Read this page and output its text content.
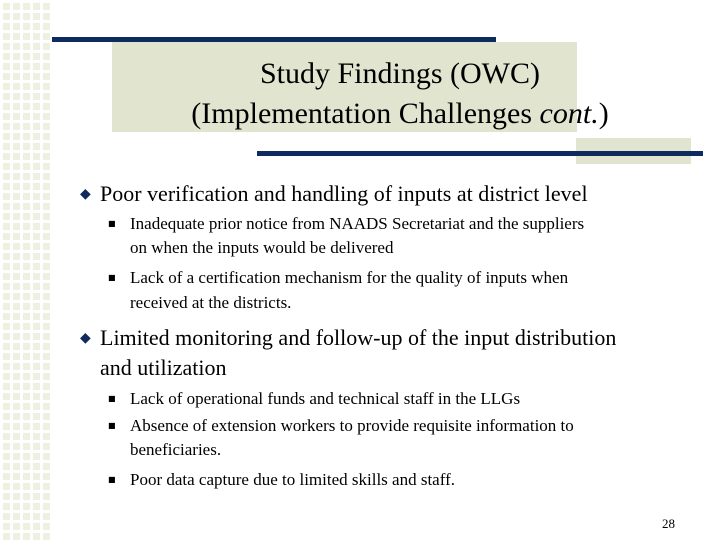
Study Findings (OWC)
(Implementation Challenges cont.)
◆ Poor verification and handling of inputs at district level
■ Inadequate prior notice from NAADS Secretariat and the suppliers
on when the inputs would be delivered
■ Lack of a certification mechanism for the quality of inputs when
received at the districts.
◆ Limited monitoring and follow-up of the input distribution
and utilization
■ Lack of operational funds and technical staff in the LLGs
■ Absence of extension workers to provide requisite information to
beneficiaries.
■ Poor data capture due to limited skills and staff.
28
